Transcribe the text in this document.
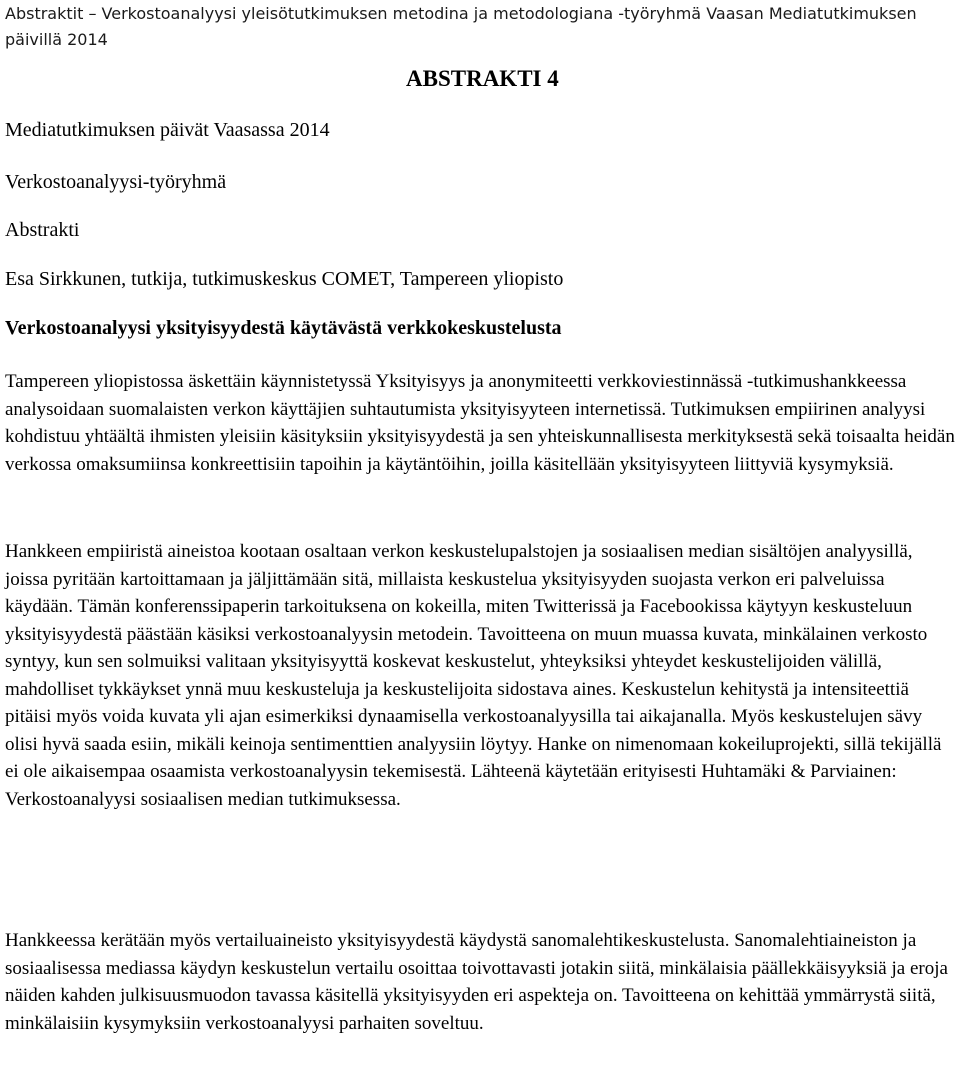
Abstraktit – Verkostoanalyysi yleisötutkimuksen metodina ja metodologiana -työryhmä Vaasan Mediatutkimuksen päivillä 2014
ABSTRAKTI 4
Mediatutkimuksen päivät Vaasassa 2014
Verkostoanalyysi-työryhmä
Abstrakti
Esa Sirkkunen, tutkija, tutkimuskeskus COMET, Tampereen yliopisto
Verkostoanalyysi yksityisyydestä käytävästä verkkokeskustelusta

Tampereen yliopistossa äskettäin käynnistetyssä Yksityisyys ja anonymiteetti verkkoviestinnässä -tutkimushankkeessa analysoidaan suomalaisten verkon käyttäjien suhtautumista yksityisyyteen internetissä. Tutkimuksen empiirinen analyysi kohdistuu yhtäältä ihmisten yleisiin käsityksiin yksityisyydestä ja sen yhteiskunnallisesta merkityksestä sekä toisaalta heidän verkossa omaksumiinsa konkreettisiin tapoihin ja käytäntöihin, joilla käsitellään yksityisyyteen liittyviä kysymyksiä.

Hankkeen empiiristä aineistoa kootaan osaltaan verkon keskustelupalstojen ja sosiaalisen median sisältöjen analyysillä, joissa pyritään kartoittamaan ja jäljittämään sitä, millaista keskustelua yksityisyyden suojasta verkon eri palveluissa käydään. Tämän konferenssipaperin tarkoituksena on kokeilla, miten Twitterissä ja Facebookissa käytyyn keskusteluun yksityisyydestä päästään käsiksi verkostoanalyysin metodein. Tavoitteena on muun muassa kuvata, minkälainen verkosto syntyy, kun sen solmuiksi valitaan yksityisyyttä koskevat keskustelut, yhteyksiksi yhteydet keskustelijoiden välillä, mahdolliset tykkäykset ynnä muu keskusteluja ja keskustelijoita sidostava aines. Keskustelun kehitystä ja intensiteettiä pitäisi myös voida kuvata yli ajan esimerkiksi dynaamisella verkostoanalyysilla tai aikajanalla. Myös keskustelujen sävy olisi hyvä saada esiin, mikäli keinoja sentimenttien analyysiin löytyy. Hanke on nimenomaan kokeiluprojekti, sillä tekijällä ei ole aikaisempaa osaamista verkostoanalyysin tekemisestä. Lähteenä käytetään erityisesti Huhtamäki & Parviainen: Verkostoanalyysi sosiaalisen median tutkimuksessa.

Hankkeessa kerätään myös vertailuaineisto yksityisyydestä käydystä sanomalehtikeskustelusta. Sanomalehtiaineiston ja sosiaalisessa mediassa käydyn keskustelun vertailu osoittaa toivottavasti jotakin siitä, minkälaisia päällekkäisyyksiä ja eroja näiden kahden julkisuusmuodon tavassa käsitellä yksityisyyden eri aspekteja on. Tavoitteena on kehittää ymmärrystä siitä, minkälaisiin kysymyksiin verkostoanalyysi parhaiten soveltuu.
